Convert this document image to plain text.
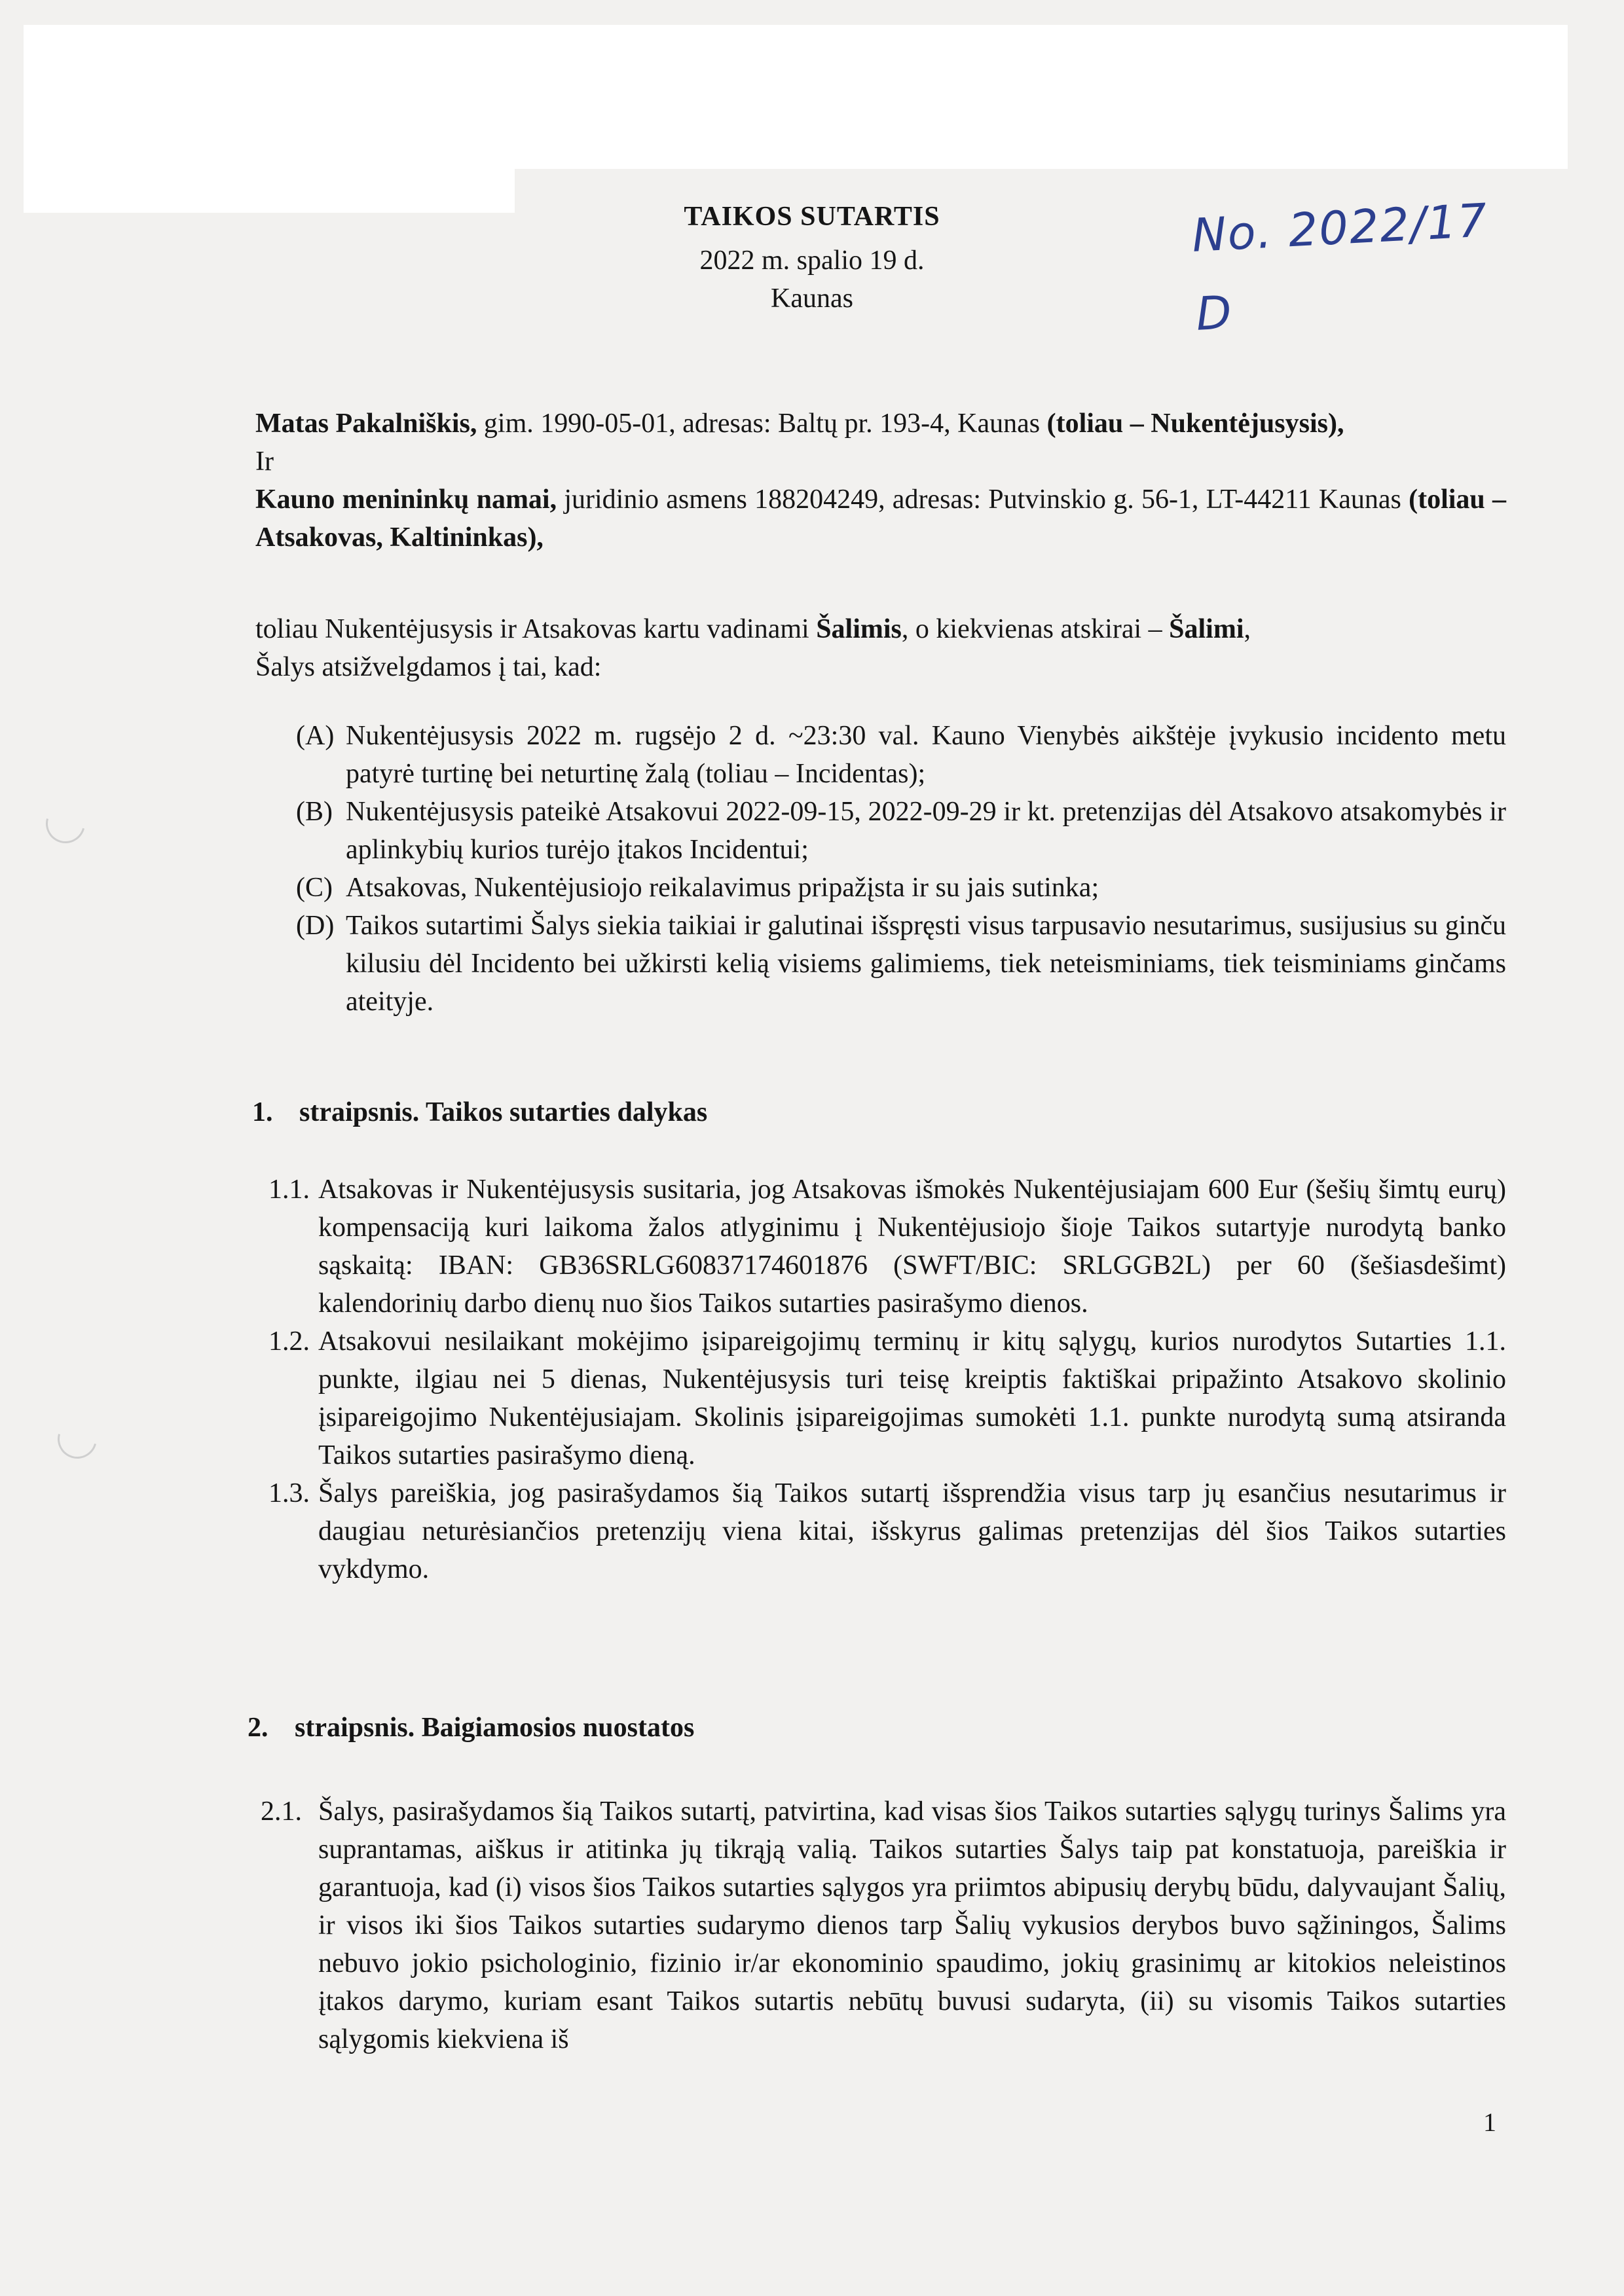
TAIKOS SUTARTIS	No. 2022/17 D
2022 m. spalio 19 d.
Kaunas
Matas Pakalniškis, gim. 1990-05-01, adresas: Baltų pr. 193-4, Kaunas (toliau – Nukentėjusysis),
Ir
Kauno menininkų namai, juridinio asmens 188204249, adresas: Putvinskio g. 56-1, LT-44211 Kaunas (toliau – Atsakovas, Kaltininkas),
toliau Nukentėjusysis ir Atsakovas kartu vadinami Šalimis, o kiekvienas atskirai – Šalimi,
Šalys atsižvelgdamos į tai, kad:
(A) Nukentėjusysis 2022 m. rugsėjo 2 d. ~23:30 val. Kauno Vienybės aikštėje įvykusio incidento metu patyrė turtinę bei neturtinę žalą (toliau – Incidentas);
(B) Nukentėjusysis pateikė Atsakovui 2022-09-15, 2022-09-29 ir kt. pretenzijas dėl Atsakovo atsakomybės ir aplinkybių kurios turėjo įtakos Incidentui;
(C) Atsakovas, Nukentėjusiojo reikalavimus pripažįsta ir su jais sutinka;
(D) Taikos sutartimi Šalys siekia taikiai ir galutinai išspręsti visus tarpusavio nesutarimus, susijusius su ginču kilusiu dėl Incidento bei užkirsti kelią visiems galimiems, tiek neteisminiams, tiek teisminiams ginčams ateityje.
1. straipsnis. Taikos sutarties dalykas
1.1. Atsakovas ir Nukentėjusysis susitaria, jog Atsakovas išmokės Nukentėjusiajam 600 Eur (šešių šimtų eurų) kompensaciją kuri laikoma žalos atlyginimu į Nukentėjusiojo šioje Taikos sutartyje nurodytą banko sąskaitą: IBAN: GB36SRLG60837174601876 (SWFT/BIC: SRLGGB2L) per 60 (šešiasdešimt) kalendorinių darbo dienų nuo šios Taikos sutarties pasirašymo dienos.
1.2. Atsakovui nesilaikant mokėjimo įsipareigojimų terminų ir kitų sąlygų, kurios nurodytos Sutarties 1.1. punkte, ilgiau nei 5 dienas, Nukentėjusysis turi teisę kreiptis faktiškai pripažinto Atsakovo skolinio įsipareigojimo Nukentėjusiajam. Skolinis įsipareigojimas sumokėti 1.1. punkte nurodytą sumą atsiranda Taikos sutarties pasirašymo dieną.
1.3. Šalys pareiškia, jog pasirašydamos šią Taikos sutartį išsprendžia visus tarp jų esančius nesutarimus ir daugiau neturėsiančios pretenzijų viena kitai, išskyrus galimas pretenzijas dėl šios Taikos sutarties vykdymo.
2. straipsnis. Baigiamosios nuostatos
2.1. Šalys, pasirašydamos šią Taikos sutartį, patvirtina, kad visas šios Taikos sutarties sąlygų turinys Šalims yra suprantamas, aiškus ir atitinka jų tikrąją valią. Taikos sutarties Šalys taip pat konstatuoja, pareiškia ir garantuoja, kad (i) visos šios Taikos sutarties sąlygos yra priimtos abipusių derybų būdu, dalyvaujant Šalių, ir visos iki šios Taikos sutarties sudarymo dienos tarp Šalių vykusios derybos buvo sąžiningos, Šalims nebuvo jokio psichologinio, fizinio ir/ar ekonominio spaudimo, jokių grasinimų ar kitokios neleistinos įtakos darymo, kuriam esant Taikos sutartis nebūtų buvusi sudaryta, (ii) su visomis Taikos sutarties sąlygomis kiekviena iš
1
